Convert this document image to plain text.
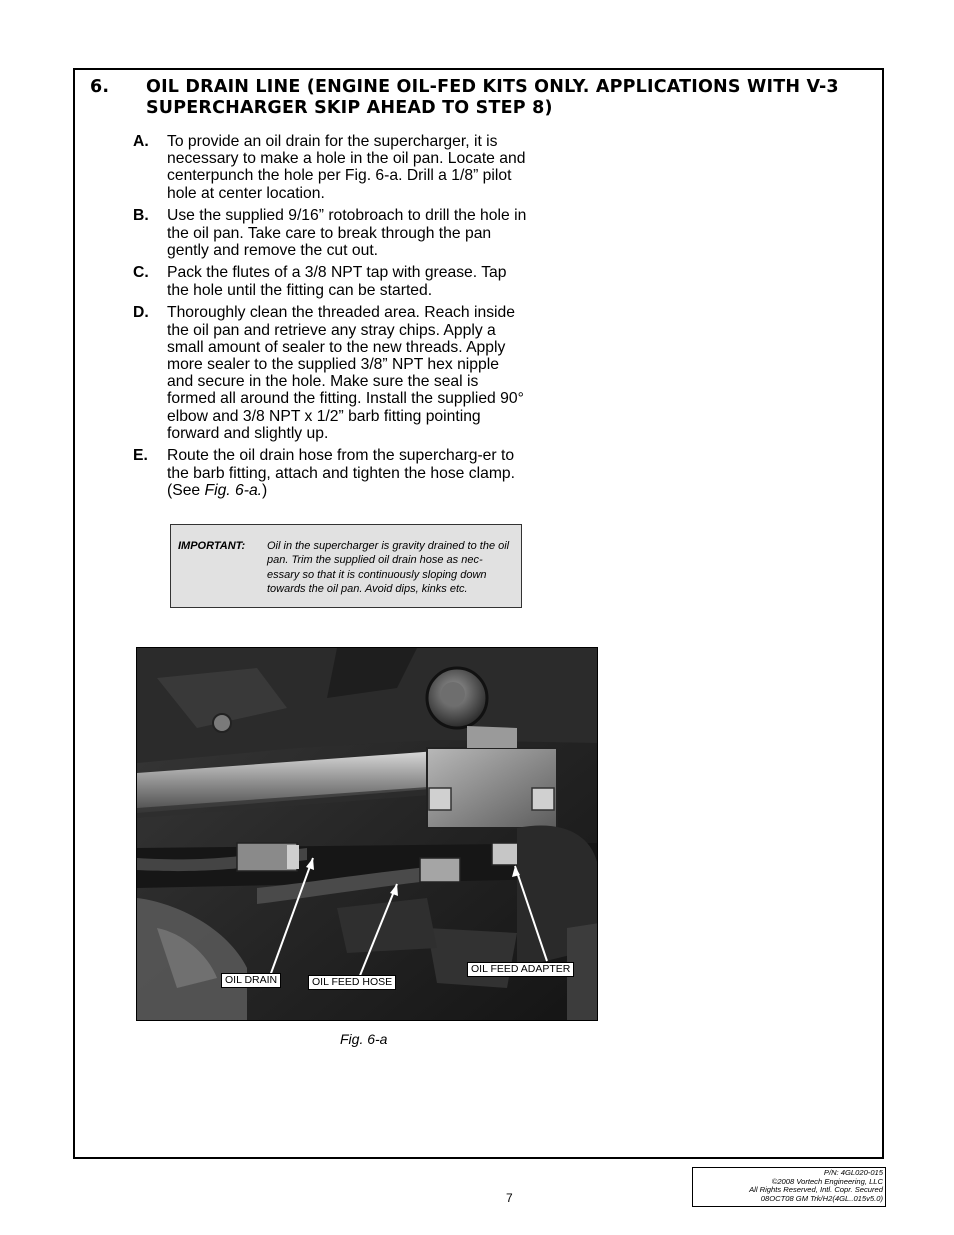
6. OIL DRAIN LINE (ENGINE OIL-FED KITS ONLY. APPLICATIONS WITH V-3 SUPERCHARGER SKIP AHEAD TO STEP 8)
A. To provide an oil drain for the supercharger, it is necessary to make a hole in the oil pan. Locate and centerpunch the hole per Fig. 6-a. Drill a 1/8” pilot hole at center location.
B. Use the supplied 9/16” rotobroach to drill the hole in the oil pan. Take care to break through the pan gently and remove the cut out.
C. Pack the flutes of a 3/8 NPT tap with grease. Tap the hole until the fitting can be started.
D. Thoroughly clean the threaded area. Reach inside the oil pan and retrieve any stray chips. Apply a small amount of sealer to the new threads. Apply more sealer to the supplied 3/8” NPT hex nipple and secure in the hole. Make sure the seal is formed all around the fitting. Install the supplied 90° elbow and 3/8 NPT x 1/2” barb fitting pointing forward and slightly up.
E. Route the oil drain hose from the supercharg-er to the barb fitting, attach and tighten the hose clamp. (See Fig. 6-a.)
IMPORTANT: Oil in the supercharger is gravity drained to the oil pan. Trim the supplied oil drain hose as nec-essary so that it is continuously sloping down towards the oil pan. Avoid dips, kinks etc.
OIL DRAIN	OIL FEED HOSE
OIL FEED ADAPTER
Fig. 6-a
7
P/N: 4GL020-015
©2008 Vortech Engineering, LLC
All Rights Reserved, Intl. Copr. Secured
08OCT08 GM Trk/H2(4GL..015v5.0)
